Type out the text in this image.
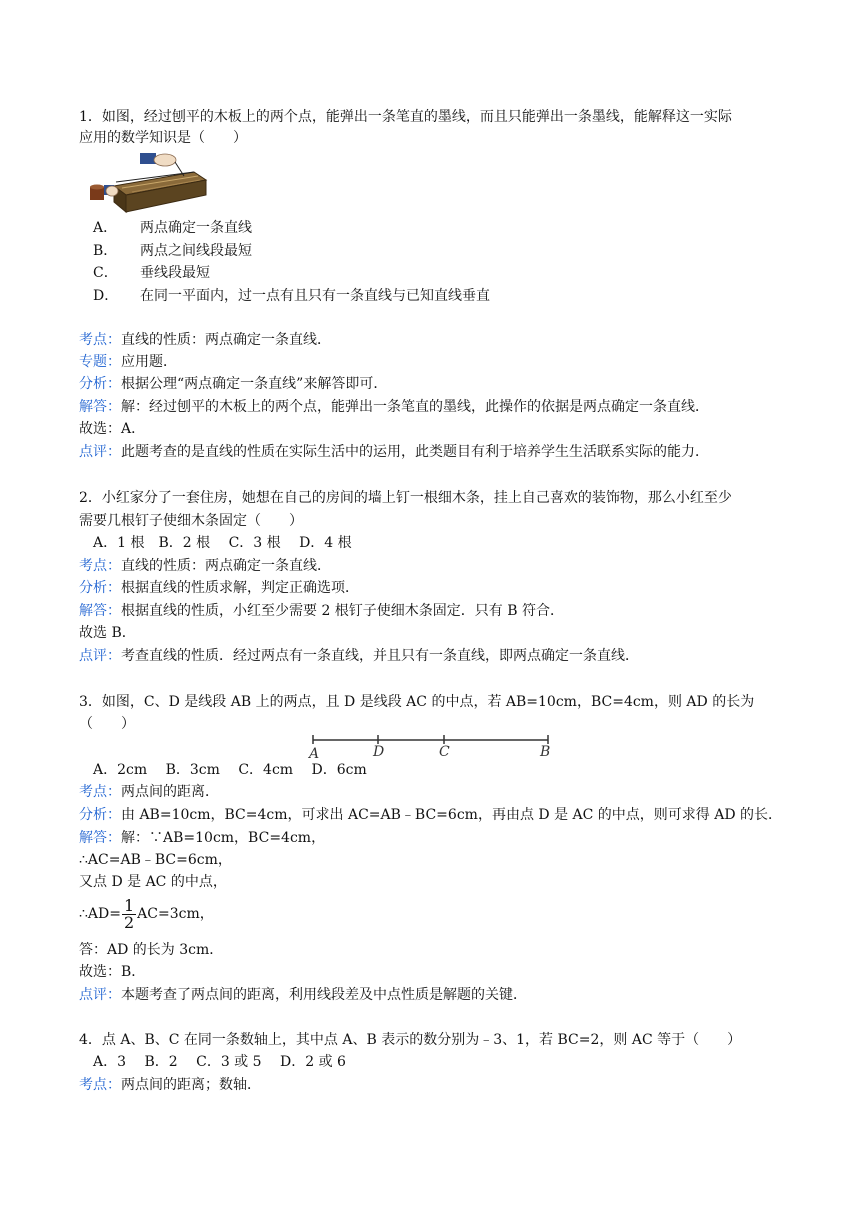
1．如图，经过刨平的木板上的两个点，能弹出一条笔直的墨线，而且只能弹出一条墨线，能解释这一实际
应用的数学知识是（　　）
A． 两点确定一条直线
B． 两点之间线段最短
C． 垂线段最短
D． 在同一平面内，过一点有且只有一条直线与已知直线垂直
考点：直线的性质：两点确定一条直线．
专题：应用题．
分析：根据公理“两点确定一条直线”来解答即可．
解答：解：经过刨平的木板上的两个点，能弹出一条笔直的墨线，此操作的依据是两点确定一条直线．
故选：A．
点评：此题考查的是直线的性质在实际生活中的运用，此类题目有利于培养学生生活联系实际的能力．
2．小红家分了一套住房，她想在自己的房间的墙上钉一根细木条，挂上自己喜欢的装饰物，那么小红至少
需要几根钉子使细木条固定（　　）
A．1 根　B．2 根　 C．3 根　 D．4 根
考点：直线的性质：两点确定一条直线．
分析：根据直线的性质求解，判定正确选项．
解答：根据直线的性质，小红至少需要 2 根钉子使细木条固定．只有 B 符合．
故选 B．
点评：考查直线的性质．经过两点有一条直线，并且只有一条直线，即两点确定一条直线．
3．如图，C、D 是线段 AB 上的两点，且 D 是线段 AC 的中点，若 AB=10cm，BC=4cm，则 AD 的长为
（　　）
A	D	C	B
A．2cm　 B．3cm　 C．4cm　 D．6cm
考点：两点间的距离．
分析：由 AB=10cm，BC=4cm，可求出 AC=AB﹣BC=6cm，再由点 D 是 AC 的中点，则可求得 AD 的长．
解答：解：∵AB=10cm，BC=4cm，
∴AC=AB﹣BC=6cm，
又点 D 是 AC 的中点，
∴AD= $\frac{1}{2} AC=3cm$，
答：AD 的长为 3cm．
故选：B．
点评：本题考查了两点间的距离，利用线段差及中点性质是解题的关键．
4．点 A、B、C 在同一条数轴上，其中点 A、B 表示的数分别为﹣3、1，若 BC=2，则 AC 等于（　　）
A．3　 B．2　 C．3 或 5　 D．2 或 6
考点：两点间的距离；数轴．
